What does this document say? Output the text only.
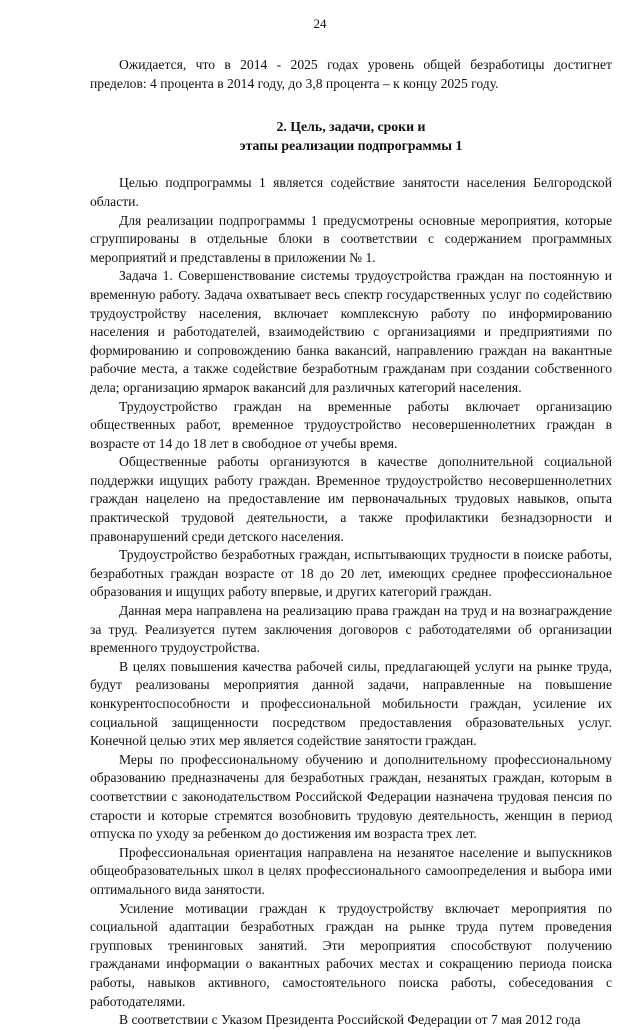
24

Ожидается, что в 2014 - 2025 годах уровень общей безработицы достигнет пределов: 4 процента в 2014 году, до 3,8 процента – к концу 2025 году.

2. Цель, задачи, сроки и
этапы реализации подпрограммы 1

Целью подпрограммы 1 является содействие занятости населения Белгородской области.

Для реализации подпрограммы 1 предусмотрены основные мероприятия, которые сгруппированы в отдельные блоки в соответствии с содержанием программных мероприятий и представлены в приложении № 1.

Задача 1. Совершенствование системы трудоустройства граждан на постоянную и временную работу. Задача охватывает весь спектр государственных услуг по содействию трудоустройству населения, включает комплексную работу по информированию населения и работодателей, взаимодействию с организациями и предприятиями по формированию и сопровождению банка вакансий, направлению граждан на вакантные рабочие места, а также содействие безработным гражданам при создании собственного дела; организацию ярмарок вакансий для различных категорий населения.

Трудоустройство граждан на временные работы включает организацию общественных работ, временное трудоустройство несовершеннолетних граждан в возрасте от 14 до 18 лет в свободное от учебы время.

Общественные работы организуются в качестве дополнительной социальной поддержки ищущих работу граждан. Временное трудоустройство несовершеннолетних граждан нацелено на предоставление им первоначальных трудовых навыков, опыта практической трудовой деятельности, а также профилактики безнадзорности и правонарушений среди детского населения.

Трудоустройство безработных граждан, испытывающих трудности в поиске работы, безработных граждан возрасте от 18 до 20 лет, имеющих среднее профессиональное образования и ищущих работу впервые, и других категорий граждан.

Данная мера направлена на реализацию права граждан на труд и на вознаграждение за труд. Реализуется путем заключения договоров с работодателями об организации временного трудоустройства.

В целях повышения качества рабочей силы, предлагающей услуги на рынке труда, будут реализованы мероприятия данной задачи, направленные на повышение конкурентоспособности и профессиональной мобильности граждан, усиление их социальной защищенности посредством предоставления образовательных услуг. Конечной целью этих мер является содействие занятости граждан.

Меры по профессиональному обучению и дополнительному профессиональному образованию предназначены для безработных граждан, незанятых граждан, которым в соответствии с законодательством Российской Федерации назначена трудовая пенсия по старости и которые стремятся возобновить трудовую деятельность, женщин в период отпуска по уходу за ребенком до достижения им возраста трех лет.

Профессиональная ориентация направлена на незанятое население и выпускников общеобразовательных школ в целях профессионального самоопределения и выбора ими оптимального вида занятости.

Усиление мотивации граждан к трудоустройству включает мероприятия по социальной адаптации безработных граждан на рынке труда путем проведения групповых тренинговых занятий. Эти мероприятия способствуют получению гражданами информации о вакантных рабочих местах и сокращению периода поиска работы, навыков активного, самостоятельного поиска работы, собеседования с работодателями.

В соответствии с Указом Президента Российской Федерации от 7 мая 2012 года
